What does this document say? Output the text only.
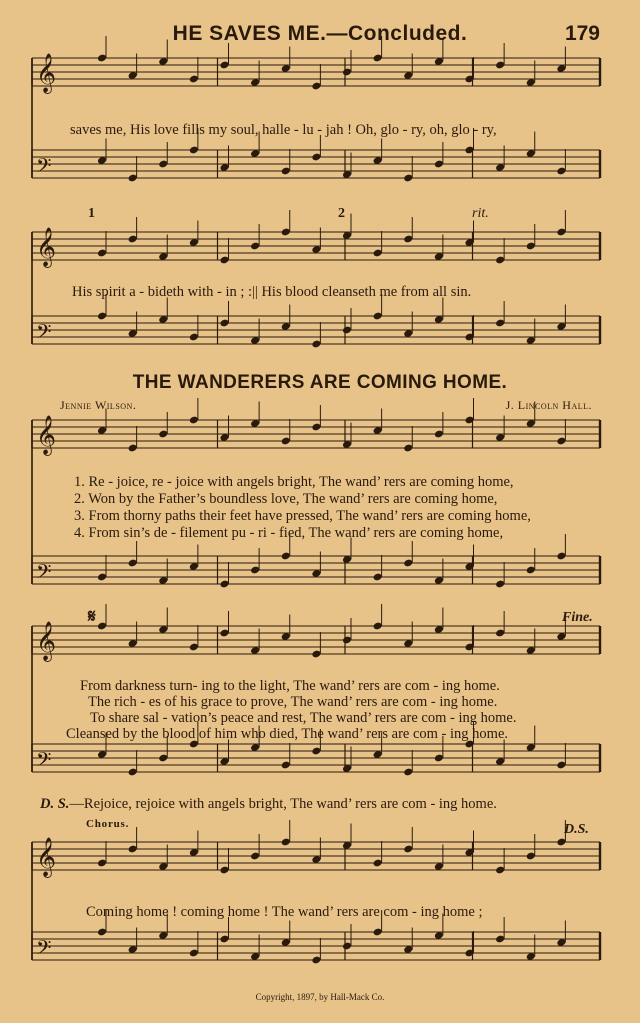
HE SAVES ME.—Concluded.	179
𝄞
𝄢
𝄞
𝄢
𝄞
𝄢
𝄞
𝄢
𝄞
𝄢
saves me, His love fills my soul, halle - lu - jah ! Oh, glo - ry, oh, glo - ry,
1	2	rit.
His spirit a - bideth with - in ; :|| His blood cleanseth me from all sin.
THE WANDERERS ARE COMING HOME.
Jennie Wilson.	J. Lincoln Hall.
1. Re - joice, re - joice with angels bright, The wand’ rers are coming home,
2. Won by the Father’s boundless love, The wand’ rers are coming home,
3. From thorny paths their feet have pressed, The wand’ rers are coming home,
4. From sin’s de - filement pu - ri - fied, The wand’ rers are coming home,
𝄋	Fine.
From darkness turn- ing to the light, The wand’ rers are com - ing home.
The rich - es of his grace to prove, The wand’ rers are com - ing home.
To share sal - vation’s peace and rest, The wand’ rers are com - ing home.
Cleansed by the blood of him who died, The wand’ rers are com - ing home.
D. S.—Rejoice, rejoice with angels bright, The wand’ rers are com - ing home.
Chorus.	D.S.
Coming home ! coming home ! The wand’ rers are com - ing home ;
Copyright, 1897, by Hall-Mack Co.
